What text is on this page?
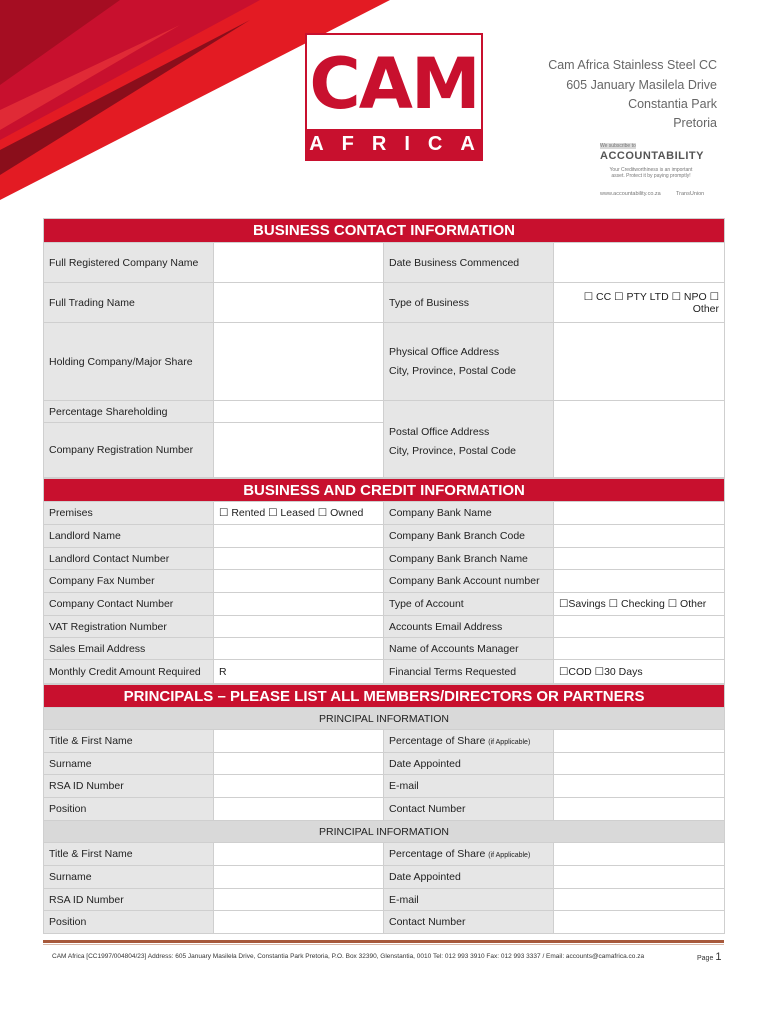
CAM
AFRICA
Cam Africa Stainless Steel CC
605 January Masilela Drive
Constantia Park
Pretoria
We subscribe to
ACCOUNTABILITY
Your Creditworthiness is an important asset. Protect it by paying promptly!
www.accountability.co.za	TransUnion
BUSINESS CONTACT INFORMATION			
Full Registered Company Name		Date Business Commenced	
Full Trading Name		Type of Business	☐ CC ☐ PTY LTD ☐ NPO ☐ Other
Holding Company/Major Share		Physical Office Address
City, Province, Postal Code	
Percentage Shareholding		Postal Office Address
City, Province, Postal Code	
Company Registration Number			
BUSINESS AND CREDIT INFORMATION			
Premises	☐ Rented ☐ Leased ☐ Owned	Company Bank Name	
Landlord Name		Company Bank Branch Code	
Landlord Contact Number		Company Bank Branch Name	
Company Fax Number		Company Bank Account number	
Company Contact Number		Type of Account	☐Savings ☐ Checking ☐ Other
VAT Registration Number		Accounts Email Address	
Sales Email Address		Name of Accounts Manager	
Monthly Credit Amount Required	R	Financial Terms Requested	☐COD ☐30 Days
PRINCIPALS – PLEASE LIST ALL MEMBERS/DIRECTORS OR PARTNERS			
PRINCIPAL INFORMATION			
Title & First Name		Percentage of Share (if Applicable)	
Surname		Date Appointed	
RSA ID Number		E-mail	
Position		Contact Number	
PRINCIPAL INFORMATION			
Title & First Name		Percentage of Share (if Applicable)	
Surname		Date Appointed	
RSA ID Number		E-mail	
Position		Contact Number	
CAM Africa [CC1997/004804/23] Address: 605 January Masilela Drive, Constantia Park Pretoria, P.O. Box 32390, Glenstantia, 0010 Tel: 012 993 3910 Fax: 012 993 3337 / Email: accounts@camafrica.co.za	Page 1
